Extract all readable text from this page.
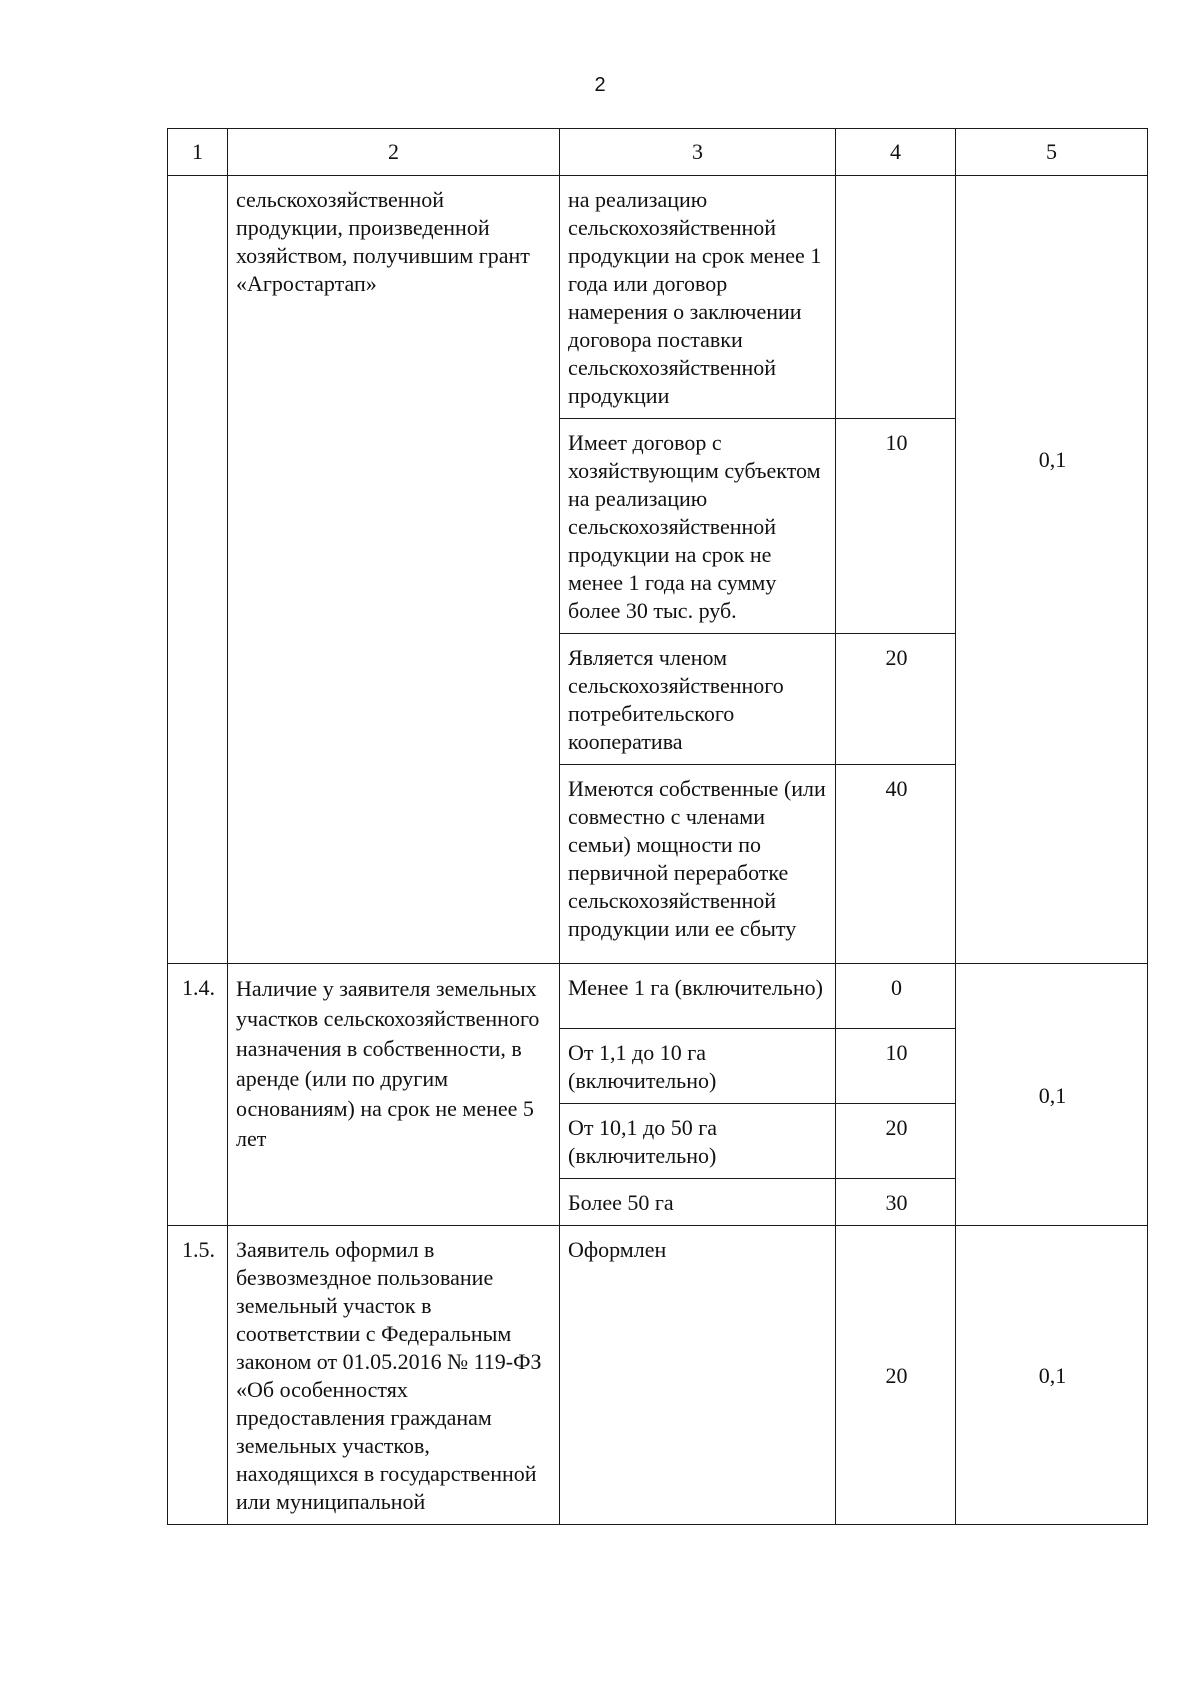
2
1	2	3	4	5
	сельскохозяйственной продукции, произведенной хозяйством, получившим грант «Агростартап»	на реализацию сельскохозяйственной продукции на срок менее 1 года или договор намерения о заключении договора поставки сельскохозяйственной продукции		0,1
		Имеет договор с хозяйствующим субъектом на реализацию сельскохозяйственной продукции на срок не менее 1 года на сумму более 30 тыс. руб.	10	
		Является членом сельскохозяйственного потребительского кооператива	20	
		Имеются собственные (или совместно с членами семьи) мощности по первичной переработке сельскохозяйственной продукции или ее сбыту	40	
1.4.	Наличие у заявителя земельных участков сельскохозяйственного назначения в собственности, в аренде (или по другим основаниям) на срок не менее 5 лет	Менее 1 га (включительно)	0	0,1
		От 1,1 до 10 га (включительно)	10	
		От 10,1 до 50 га (включительно)	20	
		Более 50 га	30	
1.5.	Заявитель оформил в безвозмездное пользование земельный участок в соответствии с Федеральным законом от 01.05.2016 № 119-ФЗ «Об особенностях предоставления гражданам земельных участков, находящихся в государственной или муниципальной	Оформлен	20	0,1
